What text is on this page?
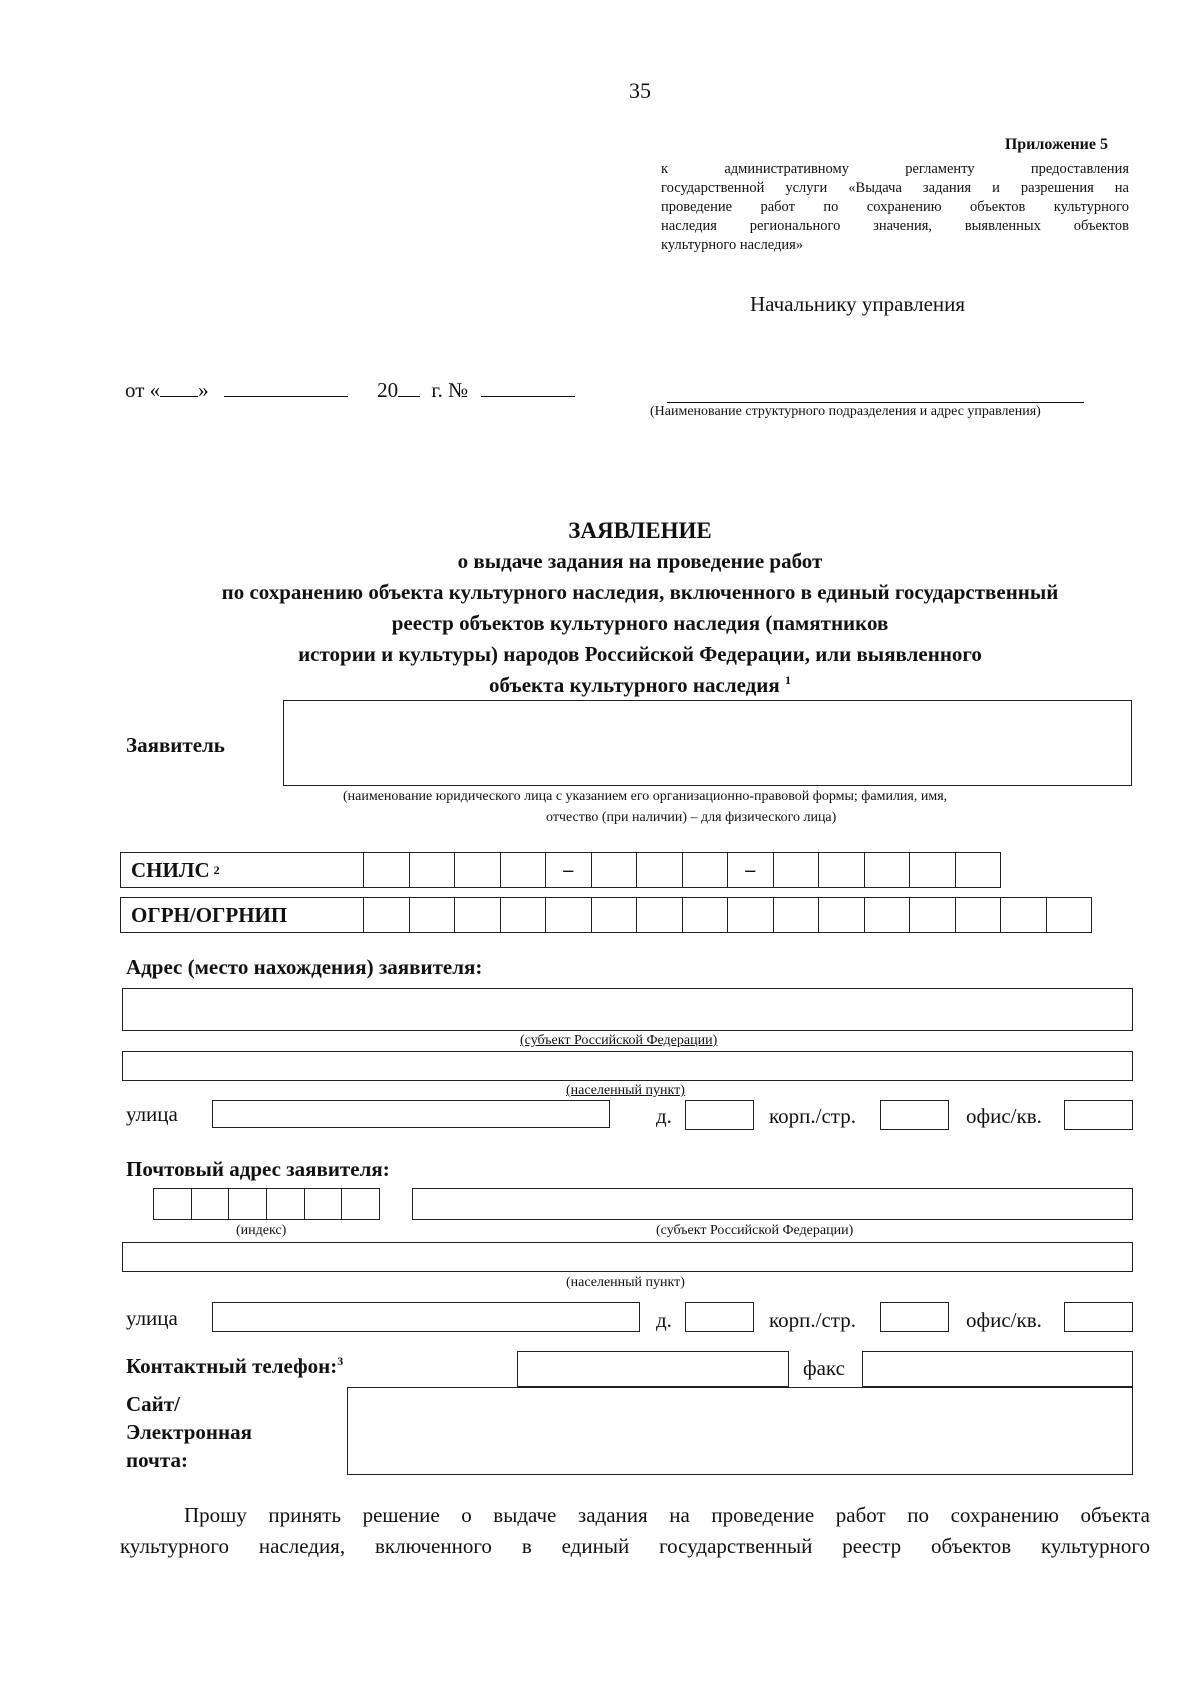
35
Приложение 5
к административному регламенту предоставления
государственной услуги «Выдача задания и разрешения на
проведение работ по сохранению объектов культурного
наследия регионального значения, выявленных объектов
культурного наследия»
Начальнику управления
от « »	20 г. №
(Наименование структурного подразделения и адрес управления)
ЗАЯВЛЕНИЕ
о выдаче задания на проведение работ
по сохранению объекта культурного наследия, включенного в единый государственный
реестр объектов культурного наследия (памятников
истории и культуры) народов Российской Федерации, или выявленного
объекта культурного наследия $^1$
Заявитель
(наименование юридического лица с указанием его организационно-правовой формы; фамилия, имя,
отчество (при наличии) – для физического лица)
СНИЛС 2	–	–
ОГРН/ОГРНИП
Адрес (место нахождения) заявителя:
(субъект Российской Федерации)
(населенный пункт)
улица	д.	корп./стр.	офис/кв.
Почтовый адрес заявителя:
(индекс)	(субъект Российской Федерации)
(населенный пункт)
улица	д.	корп./стр.	офис/кв.
Контактный телефон:$^3$	факс
Сайт/
Электронная
почта:
Прошу принять решение о выдаче задания на проведение работ по сохранению объекта
культурного наследия, включенного в единый государственный реестр объектов культурного
